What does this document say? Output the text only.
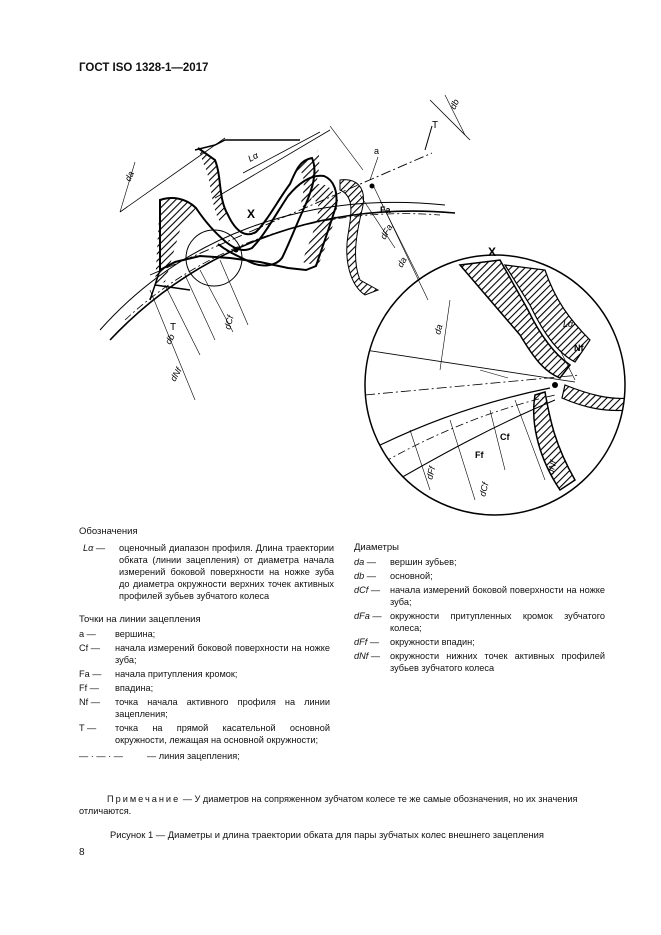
ГОСТ ISO 1328-1—2017
X
X
T
T
a
Fa
Nf
Cf
Ff
Lα
Lα
dа
db
dFa
dа
dCf
db
dNf
dа
dFf
dCf
dNf
Обозначения
Lα —	оценочный диапазон профиля. Длина траектории обката (линии зацепления) от диаметра начала измерений боковой поверхности на ножке зуба до диаметра окружности верхних точек активных профилей зубьев зубчатого колеса
Точки на линии зацепления
a —	вершина;
Cf —	начала измерений боковой поверхности на ножке зуба;
Fa —	начала притупления кромок;
Ff —	впадина;
Nf —	точка начала активного профиля на линии зацепления;
T —	точка на прямой касательной основной окружности, лежащая на основной окружности;
— · — · —	— линия зацепления;
Диаметры
dа —	вершин зубьев;
db —	основной;
dCf —	начала измерений боковой поверхности на ножке зуба;
dFa — окружности притупленных кромок зубчатого колеса;
dFf —	окружности впадин;
dNf —	окружности нижних точек активных профилей зубьев зубчатого колеса
Примечание — У диаметров на сопряженном зубчатом колесе те же самые обозначения, но их значения отличаются.
Рисунок 1 — Диаметры и длина траектории обката для пары зубчатых колес внешнего зацепления
8
